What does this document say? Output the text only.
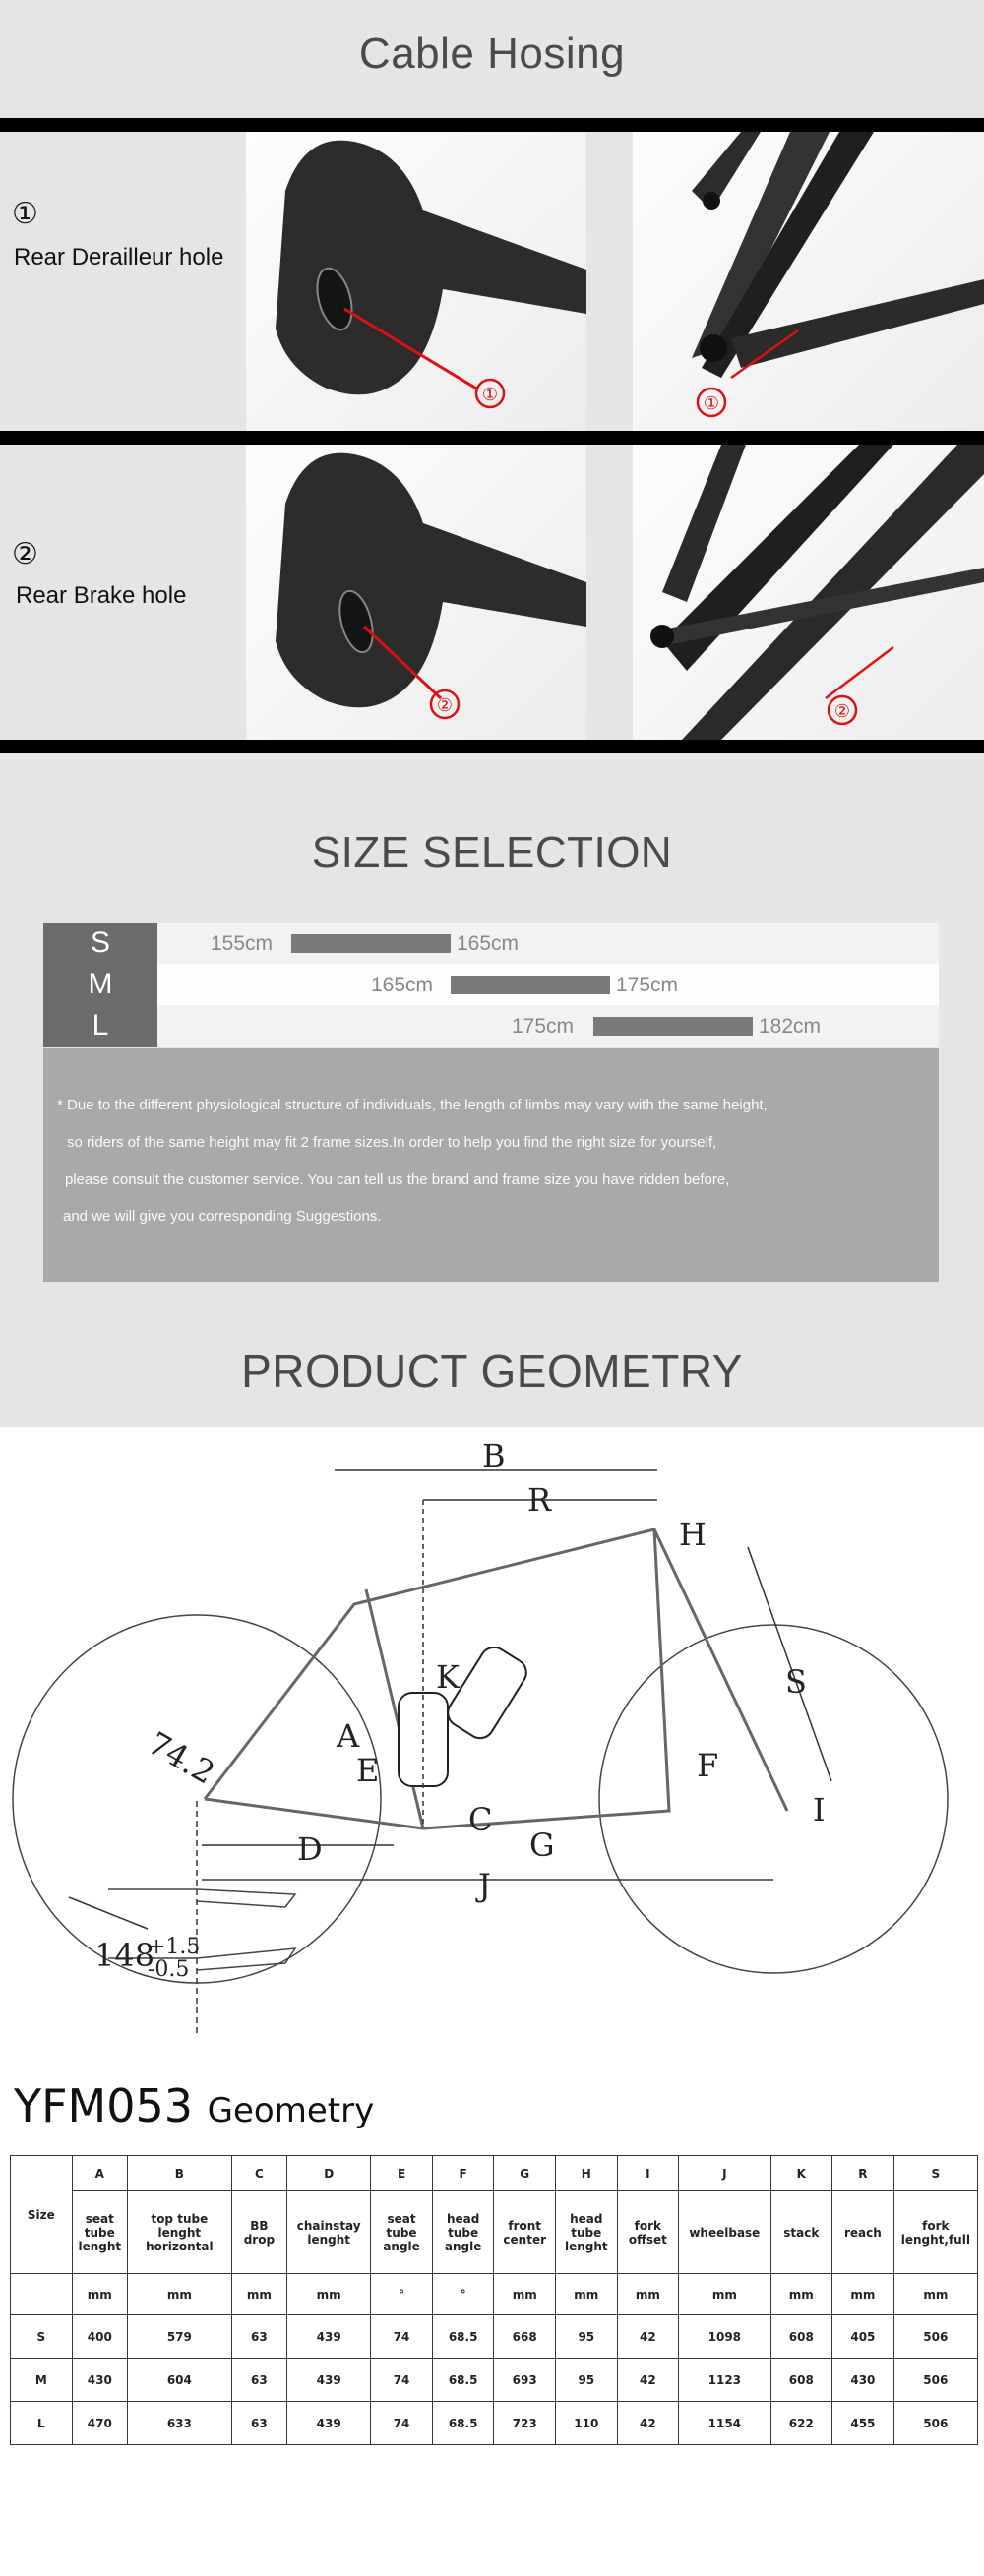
Cable Hosing
①
Rear Derailleur hole
①	①
②
Rear Brake hole
②	②
SIZE SELECTION
S	155cm	165cm
M	165cm	175cm
L	175cm	182cm
* Due to the different physiological structure of individuals, the length of limbs may vary with the same height,
so riders of the same height may fit 2 frame sizes.In order to help you find the right size for yourself,
please consult the customer service. You can tell us the brand and frame size you have ridden before,
and we will give you corresponding Suggestions.
PRODUCT GEOMETRY
B
R
H
S
K
A
E	F
C
G
I
D
J
74.2
148
+1.5
-0.5
YFM053 Geometry
Size	A	B	C	D	E	F	G	H	I	J	K	R	S
	seat tube lenght	top tube lenght horizontal	BB drop	chainstay lenght	seat tube angle	head tube angle	front center	head tube lenght	fork offset	wheelbase	stack	reach	fork lenght,full
	mm	mm	mm	mm	°	°	mm	mm	mm	mm	mm	mm	mm
S	400	579	63	439	74	68.5	668	95	42	1098	608	405	506
M	430	604	63	439	74	68.5	693	95	42	1123	608	430	506
L	470	633	63	439	74	68.5	723	110	42	1154	622	455	506
